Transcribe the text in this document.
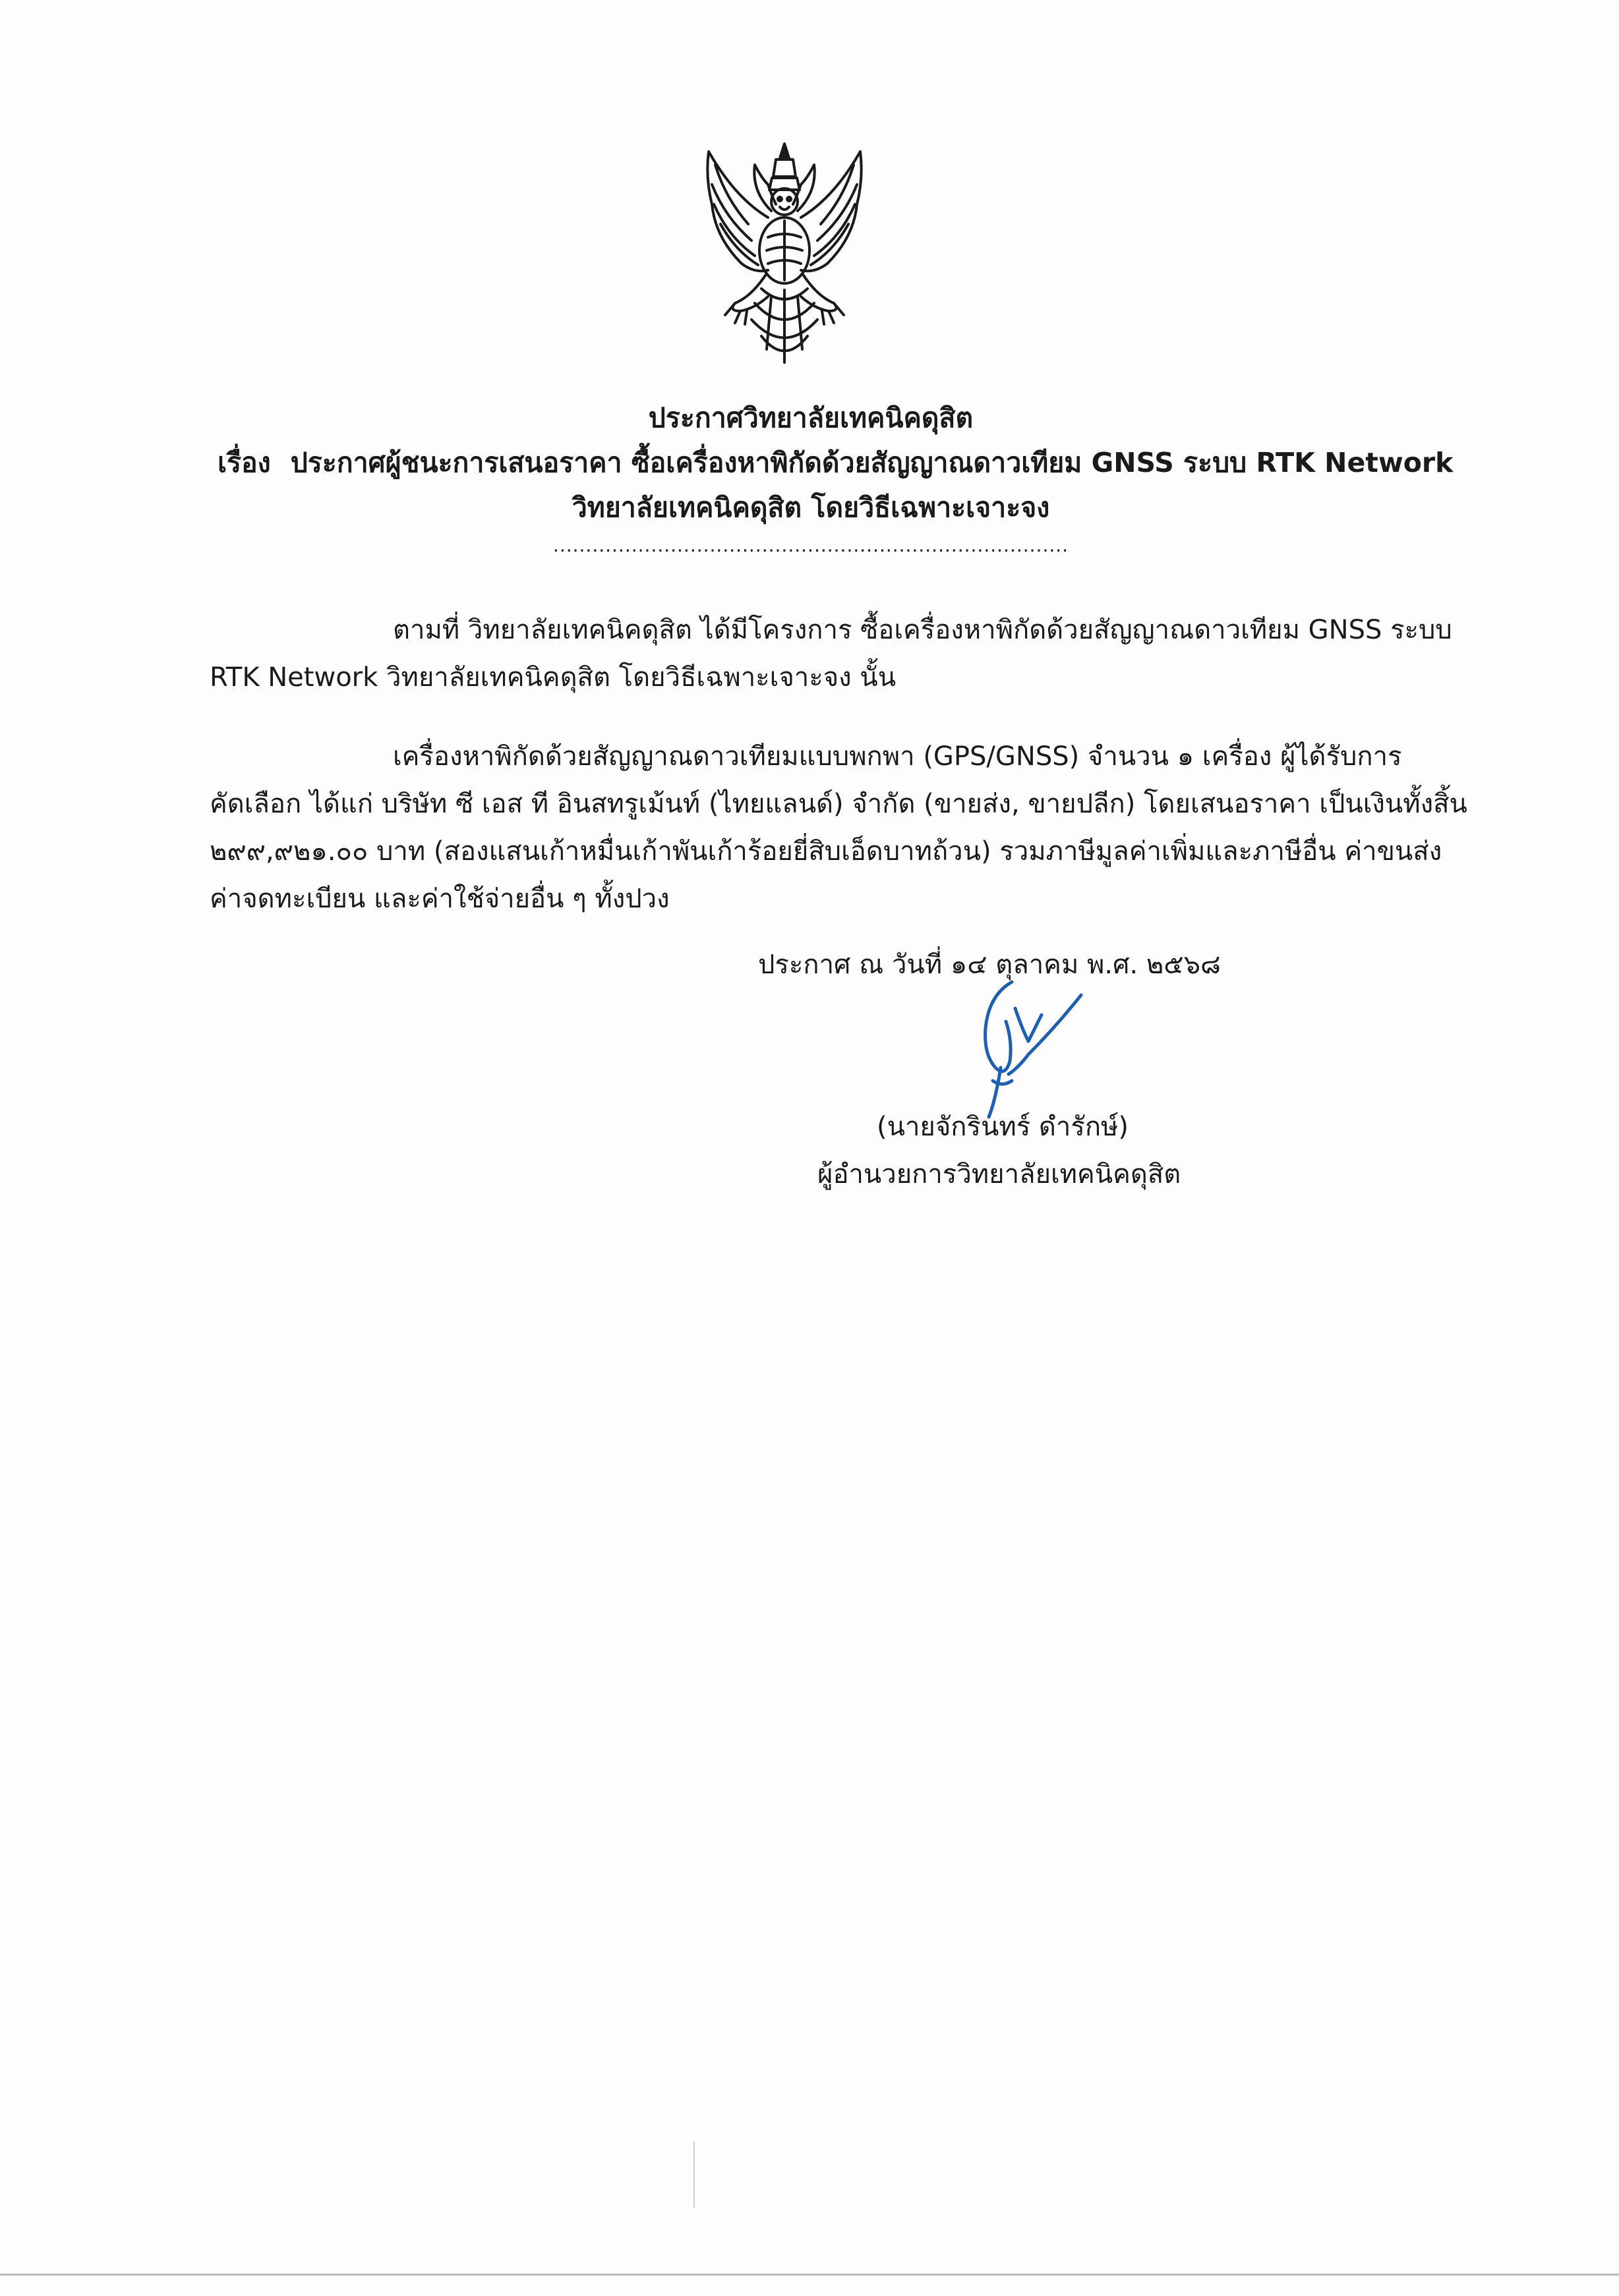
ประกาศวิทยาลัยเทคนิคดุสิต
เรื่อง ประกาศผู้ชนะการเสนอราคา ซื้อเครื่องหาพิกัดด้วยสัญญาณดาวเทียม GNSS ระบบ RTK Network
วิทยาลัยเทคนิคดุสิต โดยวิธีเฉพาะเจาะจง
...............................................................................
ตามที่ วิทยาลัยเทคนิคดุสิต ได้มีโครงการ ซื้อเครื่องหาพิกัดด้วยสัญญาณดาวเทียม GNSS ระบบ
RTK Network วิทยาลัยเทคนิคดุสิต โดยวิธีเฉพาะเจาะจง นั้น
เครื่องหาพิกัดด้วยสัญญาณดาวเทียมแบบพกพา (GPS/GNSS) จำนวน ๑ เครื่อง ผู้ได้รับการ
คัดเลือก ได้แก่ บริษัท ซี เอส ที อินสทรูเม้นท์ (ไทยแลนด์) จำกัด (ขายส่ง, ขายปลีก) โดยเสนอราคา เป็นเงินทั้งสิ้น
๒๙๙,๙๒๑.๐๐ บาท (สองแสนเก้าหมื่นเก้าพันเก้าร้อยยี่สิบเอ็ดบาทถ้วน) รวมภาษีมูลค่าเพิ่มและภาษีอื่น ค่าขนส่ง
ค่าจดทะเบียน และค่าใช้จ่ายอื่น ๆ ทั้งปวง
ประกาศ ณ วันที่ ๑๔ ตุลาคม พ.ศ. ๒๕๖๘
(นายจักรินทร์ ดำรักษ์)
ผู้อำนวยการวิทยาลัยเทคนิคดุสิต
